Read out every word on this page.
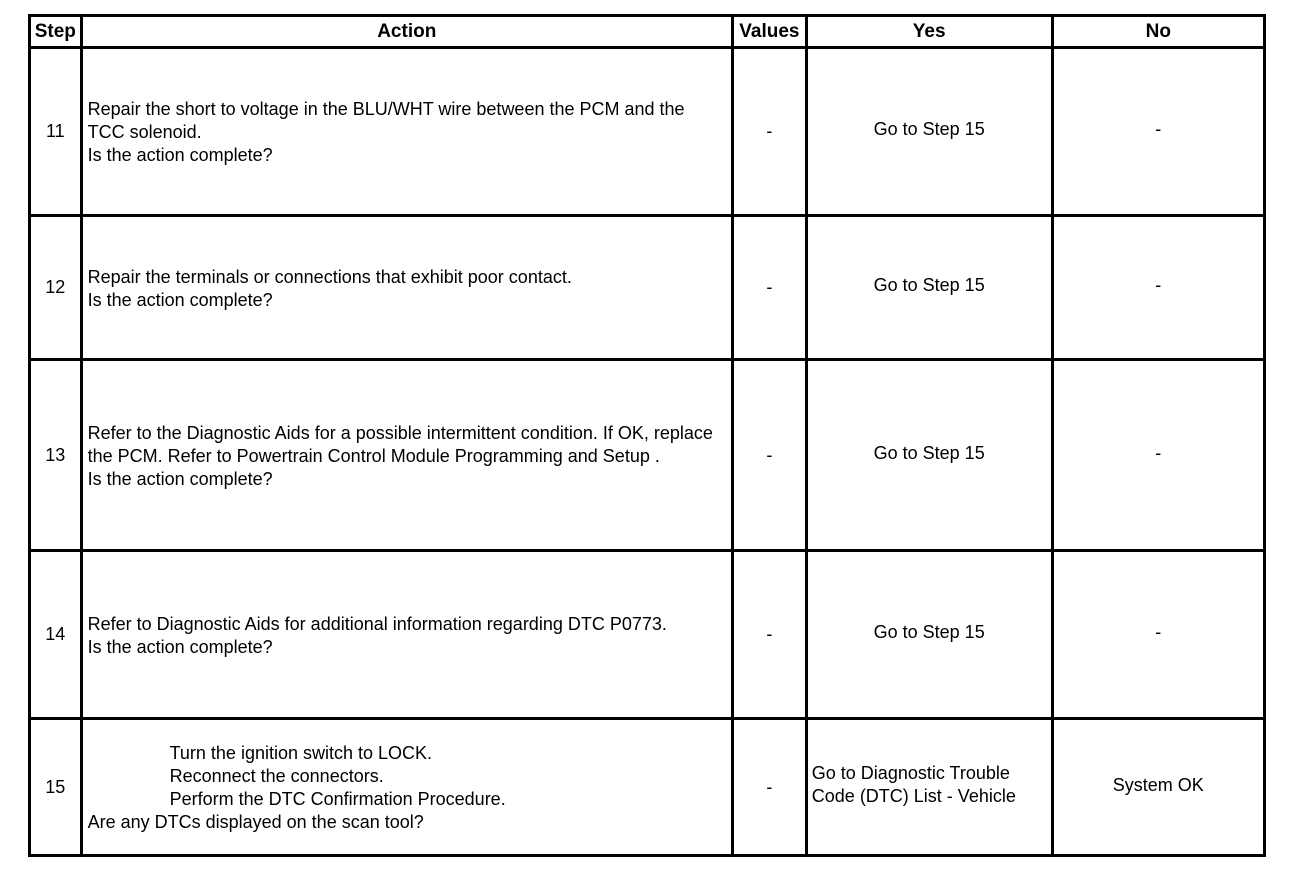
Step	Action	Values	Yes	No
11	Repair the short to voltage in the BLU/WHT wire between the PCM and the TCC solenoid.
Is the action complete?	-	Go to Step 15	-

12	Repair the terminals or connections that exhibit poor contact.
Is the action complete?	-	Go to Step 15	-

13	Refer to the Diagnostic Aids for a possible intermittent condition. If OK, replace the PCM. Refer to Powertrain Control Module Programming and Setup .
Is the action complete?	-	Go to Step 15	-

14	Refer to Diagnostic Aids for additional information regarding DTC P0773.
Is the action complete?	-	Go to Step 15	-

15	Turn the ignition switch to LOCK.
Reconnect the connectors.
Perform the DTC Confirmation Procedure.
Are any DTCs displayed on the scan tool?	-	Go to Diagnostic Trouble Code (DTC) List - Vehicle	System OK
